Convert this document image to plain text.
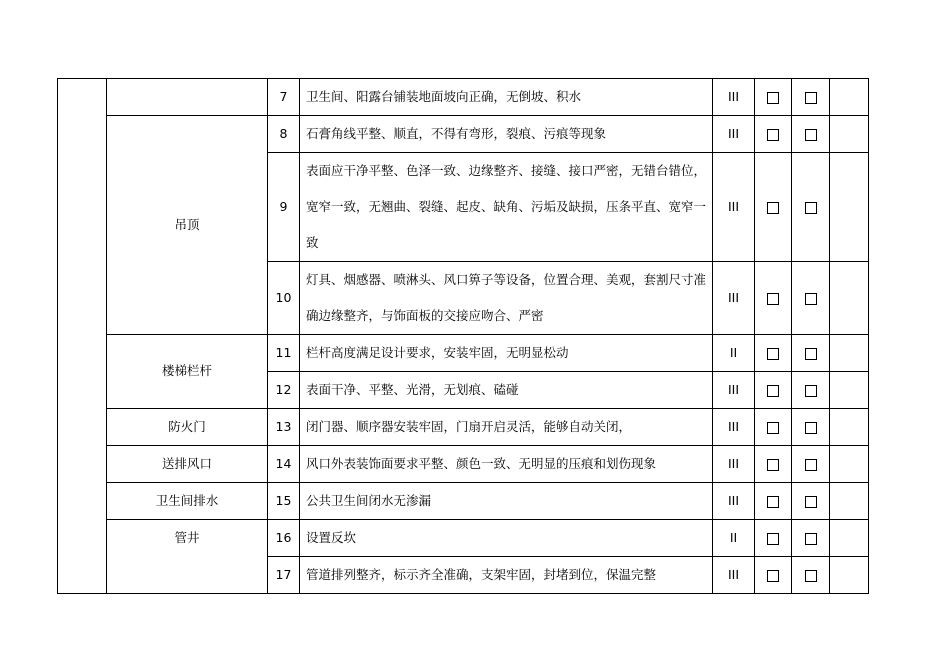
		7	卫生间、阳露台铺装地面坡向正确，无倒坡、积水	III			
	吊顶	8	石膏角线平整、顺直，不得有弯形，裂痕、污痕等现象	III			
		9	表面应干净平整、色泽一致、边缘整齐、接缝、接口严密，无错台错位，宽窄一致，无翘曲、裂缝、起皮、缺角、污垢及缺损，压条平直、宽窄一致	III			
		10	灯具、烟感器、喷淋头、风口箅子等设备，位置合理、美观，套割尺寸准确边缘整齐，与饰面板的交接应吻合、严密	III			
	楼梯栏杆	11	栏杆高度满足设计要求，安装牢固，无明显松动	II			
		12	表面干净、平整、光滑，无划痕、磕碰	III			
	防火门	13	闭门器、顺序器安装牢固，门扇开启灵活，能够自动关闭，	III			
	送排风口	14	风口外表装饰面要求平整、颜色一致、无明显的压痕和划伤现象	III			
	卫生间排水	15	公共卫生间闭水无渗漏	III			
	管井	16	设置反坎	II			
		17	管道排列整齐，标示齐全准确，支架牢固，封堵到位，保温完整	III			
